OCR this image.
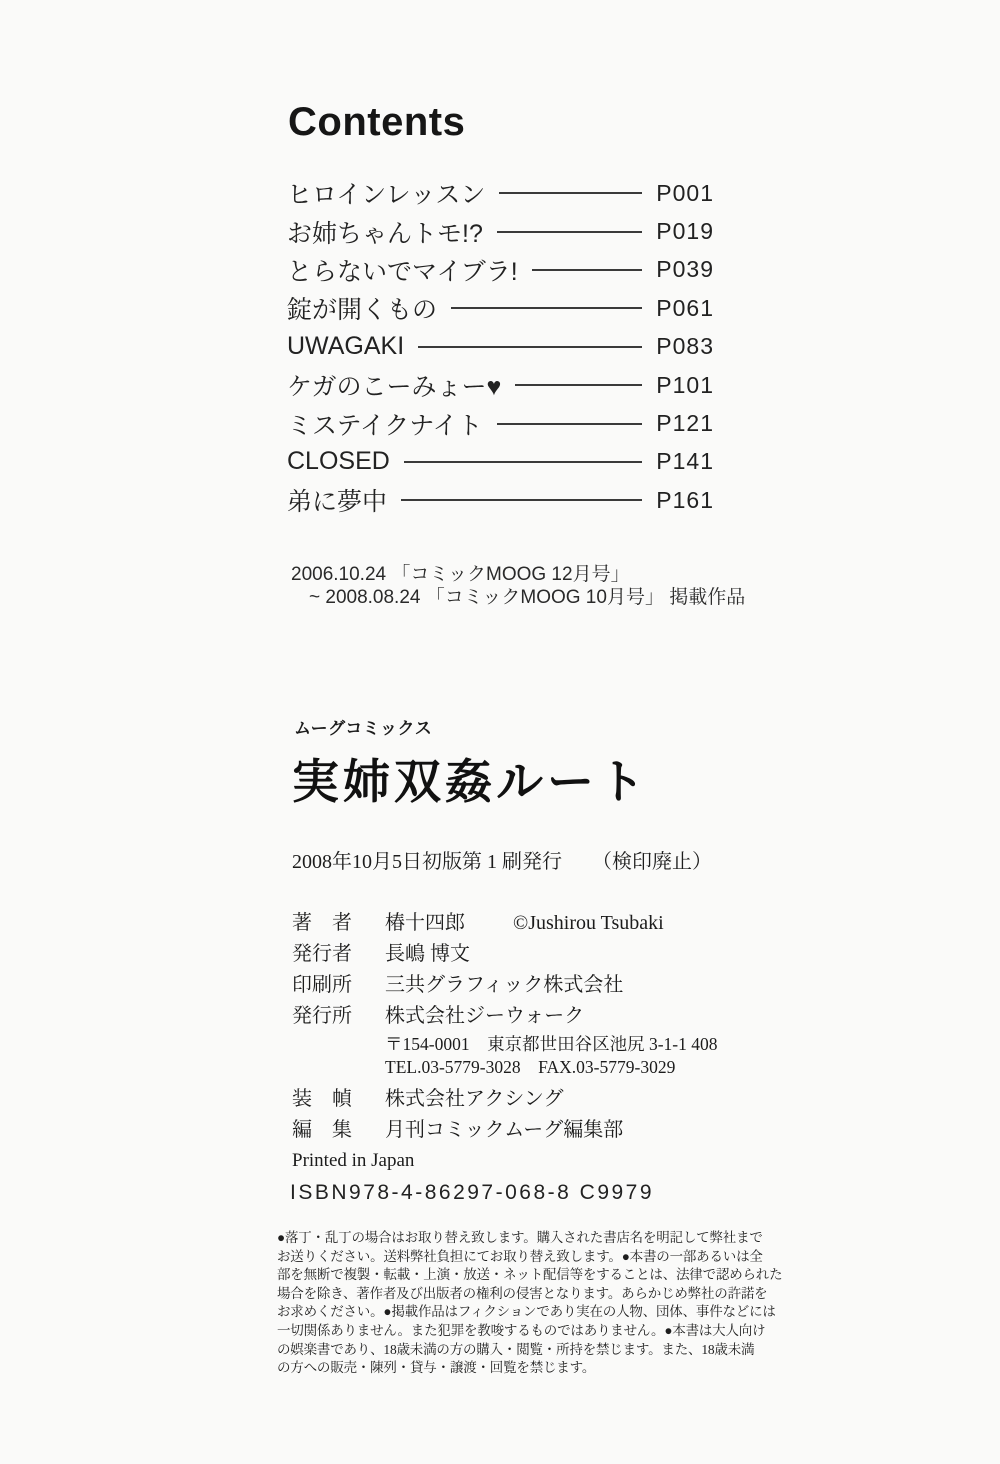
Contents
ヒロインレッスン	P001
お姉ちゃんトモ!?	P019
とらないでマイブラ!	P039
錠が開くもの	P061
UWAGAKI	P083
ケガのこーみょー♥	P101
ミステイクナイト	P121
CLOSED	P141
弟に夢中	P161
2006.10.24 「コミックMOOG 12月号」
~ 2008.08.24 「コミックMOOG 10月号」 掲載作品
ムーグコミックス
実姉双姦ルート
2008年10月5日初版第 1 刷発行　　（検印廃止）
著　者 椿十四郎 ©Jushirou Tsubaki
発行者 長嶋 博文
印刷所 三共グラフィック株式会社
発行所 株式会社ジーウォーク
〒154-0001　東京都世田谷区池尻 3-1-1 408
TEL.03-5779-3028　FAX.03-5779-3029
装　幀 株式会社アクシング
編　集 月刊コミックムーグ編集部
Printed in Japan
ISBN978-4-86297-068-8 C9979
●落丁・乱丁の場合はお取り替え致します。購入された書店名を明記して弊社まで
お送りください。送料弊社負担にてお取り替え致します。●本書の一部あるいは全
部を無断で複製・転載・上演・放送・ネット配信等をすることは、法律で認められた
場合を除き、著作者及び出版者の権利の侵害となります。あらかじめ弊社の許諾を
お求めください。●掲載作品はフィクションであり実在の人物、団体、事件などには
一切関係ありません。また犯罪を教唆するものではありません。●本書は大人向け
の娯楽書であり、18歳未満の方の購入・閲覧・所持を禁じます。また、18歳未満
の方への販売・陳列・貸与・譲渡・回覧を禁じます。
